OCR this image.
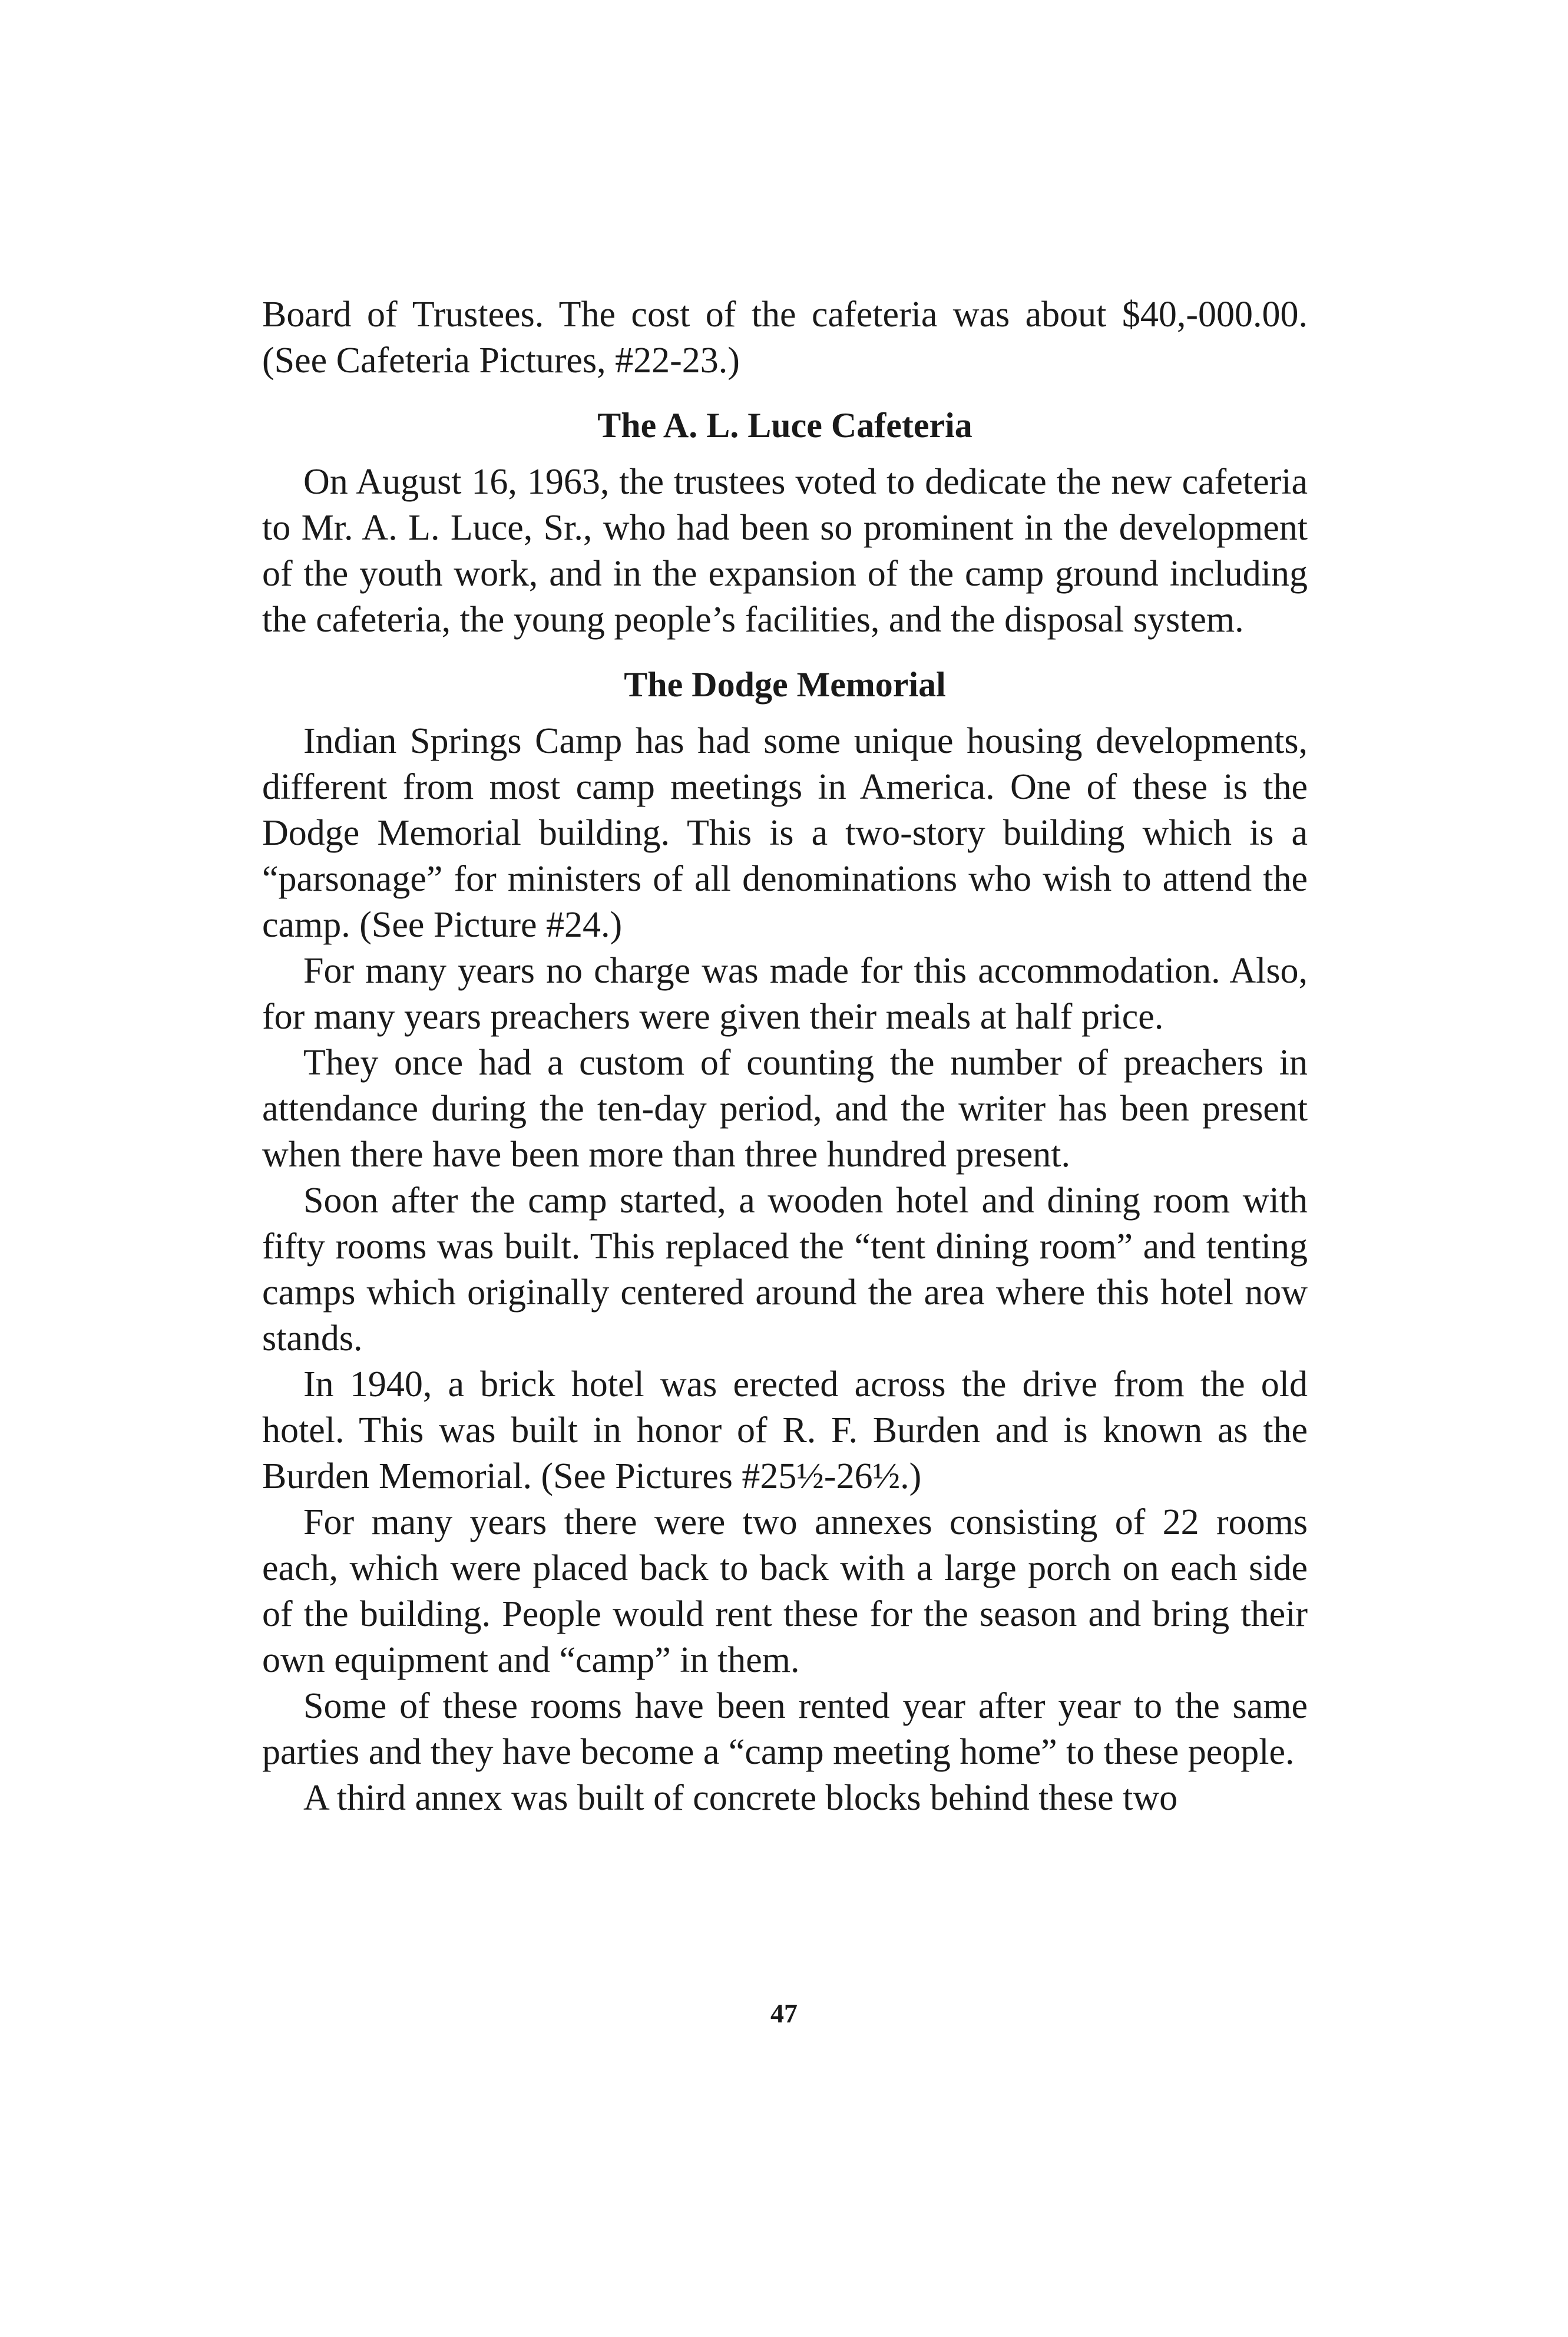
Board of Trustees. The cost of the cafeteria was about $40,-000.00. (See Cafeteria Pictures, #22-23.)

The A. L. Luce Cafeteria

On August 16, 1963, the trustees voted to dedicate the new cafeteria to Mr. A. L. Luce, Sr., who had been so prominent in the development of the youth work, and in the expansion of the camp ground including the cafeteria, the young people’s facilities, and the disposal system.

The Dodge Memorial

Indian Springs Camp has had some unique housing developments, different from most camp meetings in America. One of these is the Dodge Memorial building. This is a two-story building which is a “parsonage” for ministers of all denominations who wish to attend the camp. (See Picture #24.)

For many years no charge was made for this accommodation. Also, for many years preachers were given their meals at half price.

They once had a custom of counting the number of preachers in attendance during the ten-day period, and the writer has been present when there have been more than three hundred present.

Soon after the camp started, a wooden hotel and dining room with fifty rooms was built. This replaced the “tent dining room” and tenting camps which originally centered around the area where this hotel now stands.

In 1940, a brick hotel was erected across the drive from the old hotel. This was built in honor of R. F. Burden and is known as the Burden Memorial. (See Pictures #25½-26½.)

For many years there were two annexes consisting of 22 rooms each, which were placed back to back with a large porch on each side of the building. People would rent these for the season and bring their own equipment and “camp” in them.

Some of these rooms have been rented year after year to the same parties and they have become a “camp meeting home” to these people.

A third annex was built of concrete blocks behind these two

47
